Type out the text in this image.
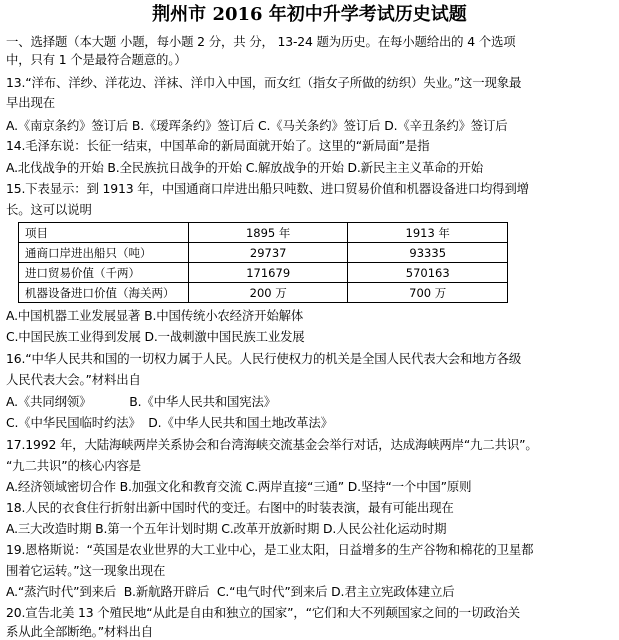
荆州市 2016 年初中升学考试历史试题
一、选择题（本大题 小题，每小题 2 分，共 分， 13-24 题为历史。在每小题给出的 4 个选项
中，只有 1 个是最符合题意的。）
13.“洋布、洋纱、洋花边、洋袜、洋巾入中国，而女红（指女子所做的纺织）失业。”这一现象最
早出现在
A.《南京条约》签订后 B.《瑷珲条约》签订后 C.《马关条约》签订后 D.《辛丑条约》签订后
14.毛泽东说：长征一结束，中国革命的新局面就开始了。这里的“新局面”是指
A.北伐战争的开始 B.全民族抗日战争的开始 C.解放战争的开始 D.新民主主义革命的开始
15.下表显示：到 1913 年，中国通商口岸进出船只吨数、进口贸易价值和机器设备进口均得到增
长。这可以说明
项目	1895 年	1913 年
通商口岸进出船只（吨）	29737	93335
进口贸易价值（千两）	171679	570163
机器设备进口价值（海关两）	200 万	700 万
A.中国机器工业发展显著 B.中国传统小农经济开始解体
C.中国民族工业得到发展 D.一战刺激中国民族工业发展
16.“中华人民共和国的一切权力属于人民。人民行使权力的机关是全国人民代表大会和地方各级
人民代表大会。”材料出自
A.《共同纲领》          B.《中华人民共和国宪法》
C.《中华民国临时约法》  D.《中华人民共和国土地改革法》
17.1992 年，大陆海峡两岸关系协会和台湾海峡交流基金会举行对话，达成海峡两岸“九二共识”。
“九二共识”的核心内容是
A.经济领域密切合作 B.加强文化和教育交流 C.两岸直接“三通” D.坚持“一个中国”原则
18.人民的衣食住行折射出新中国时代的变迁。右图中的时装表演，最有可能出现在
A.三大改造时期 B.第一个五年计划时期 C.改革开放新时期 D.人民公社化运动时期
19.恩格斯说：“英国是农业世界的大工业中心，是工业太阳，日益增多的生产谷物和棉花的卫星都
围着它运转。”这一现象出现在
A.“蒸汽时代”到来后  B.新航路开辟后  C.“电气时代”到来后 D.君主立宪政体建立后
20.宣告北美 13 个殖民地“从此是自由和独立的国家”，“它们和大不列颠国家之间的一切政治关
系从此全部断绝。”材料出自
